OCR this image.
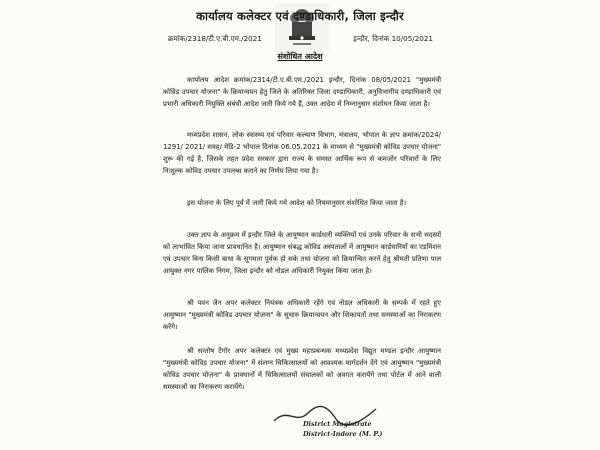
कार्यालय कलेक्टर एवं दण्डाधिकारी, जिला इन्दौर
क्रमांक/2318/टी.ए.बी.एम./2021	इन्दौर, दिनांक 10/05/2021
संशोधित आदेश

कार्यालय आदेश क्रमांक/2314/टी.ए.बी.एम./2021 इन्दौर, दिनांक 08/05/2021 "मुख्यमंत्री कोविड उपचार योजना" के क्रियान्वयन हेतु जिले के अतिरिक्त जिला दण्डाधिकारी, अनुविभागीय दण्डाधिकारी एवं प्रभारी अधिकारी नियुक्ति संबंधी आदेश जारी किये गये हैं, उक्त आदेश में निम्नानुसार संशोधन किया जाता है।

मध्यप्रदेश शासन, लोक स्वास्थ्य एवं परिवार कल्याण विभाग, मंत्रालय, भोपाल के ज्ञाप क्रमांक/2024/ 1291/ 2021/ सत्रह/ मेडि-2 भोपाल दिनांक 06.05.2021 के माध्यम से "मुख्यमंत्री कोविड उपचार योजना" शुरू की गई है, जिसके तहत प्रदेश सरकार द्वारा राज्य के समस्त आर्थिक रूप से कमजोर परिवारों के लिए निःशुल्क कोविड उपचार उपलब्ध कराने का निर्णय लिया गया है।

इस योजना के लिए पूर्व में जारी किये गये आदेश को नियमानुसार संशोधित किया जाता है।

उक्त ज्ञाप के अनुक्रम में इन्दौर जिले के आयुष्मान कार्डधारी व्यक्तियों एवं उनके परिवार के सभी सदस्यों को लाभांवित किया जाना प्रावधानित है। आयुष्मान संबद्ध कोविड अस्पतालों में आयुष्मान कार्डधारियों का एडमिशन एवं उपचार बिना किसी बाधा के सुगमता पूर्वक हो सके तथा योजना को क्रियान्वित करने हेतु श्रीमती प्रतिभा पाल आयुक्त नगर पालिक निगम, जिला इन्दौर को नोडल अधिकारी नियुक्त किया जाता है।

श्री पवन जैन अपर कलेक्टर नियंत्रक अधिकारी रहेंगे एवं नोडल अधिकारी के सम्पर्क में रहते हुए आयुष्मान "मुख्यमंत्री कोविड उपचार योजना" के सुचारु क्रियान्वयन और शिकायतों तथा समस्याओं का निराकरण करेंगे।

श्री सन्तोष टैगोर अपर कलेक्टर एवं मुख्य महाप्रबन्धक मध्यप्रदेश विद्युत मण्डल इन्दौर आयुष्मान "मुख्यमंत्री कोविड उपचार योजना" में संलग्न चिकित्सालयों को आवश्यक मार्गदर्शन देंगे एवं आयुष्मान "मुख्यमंत्री कोविड उपचार योजना" के प्रावधानों में चिकित्सालयों संचालकों को अवगत करायेंगे तथा पोर्टल में आने वाली समस्याओं का निराकरण करायेंगे।

District Magistrate
District-Indore (M. P.)
